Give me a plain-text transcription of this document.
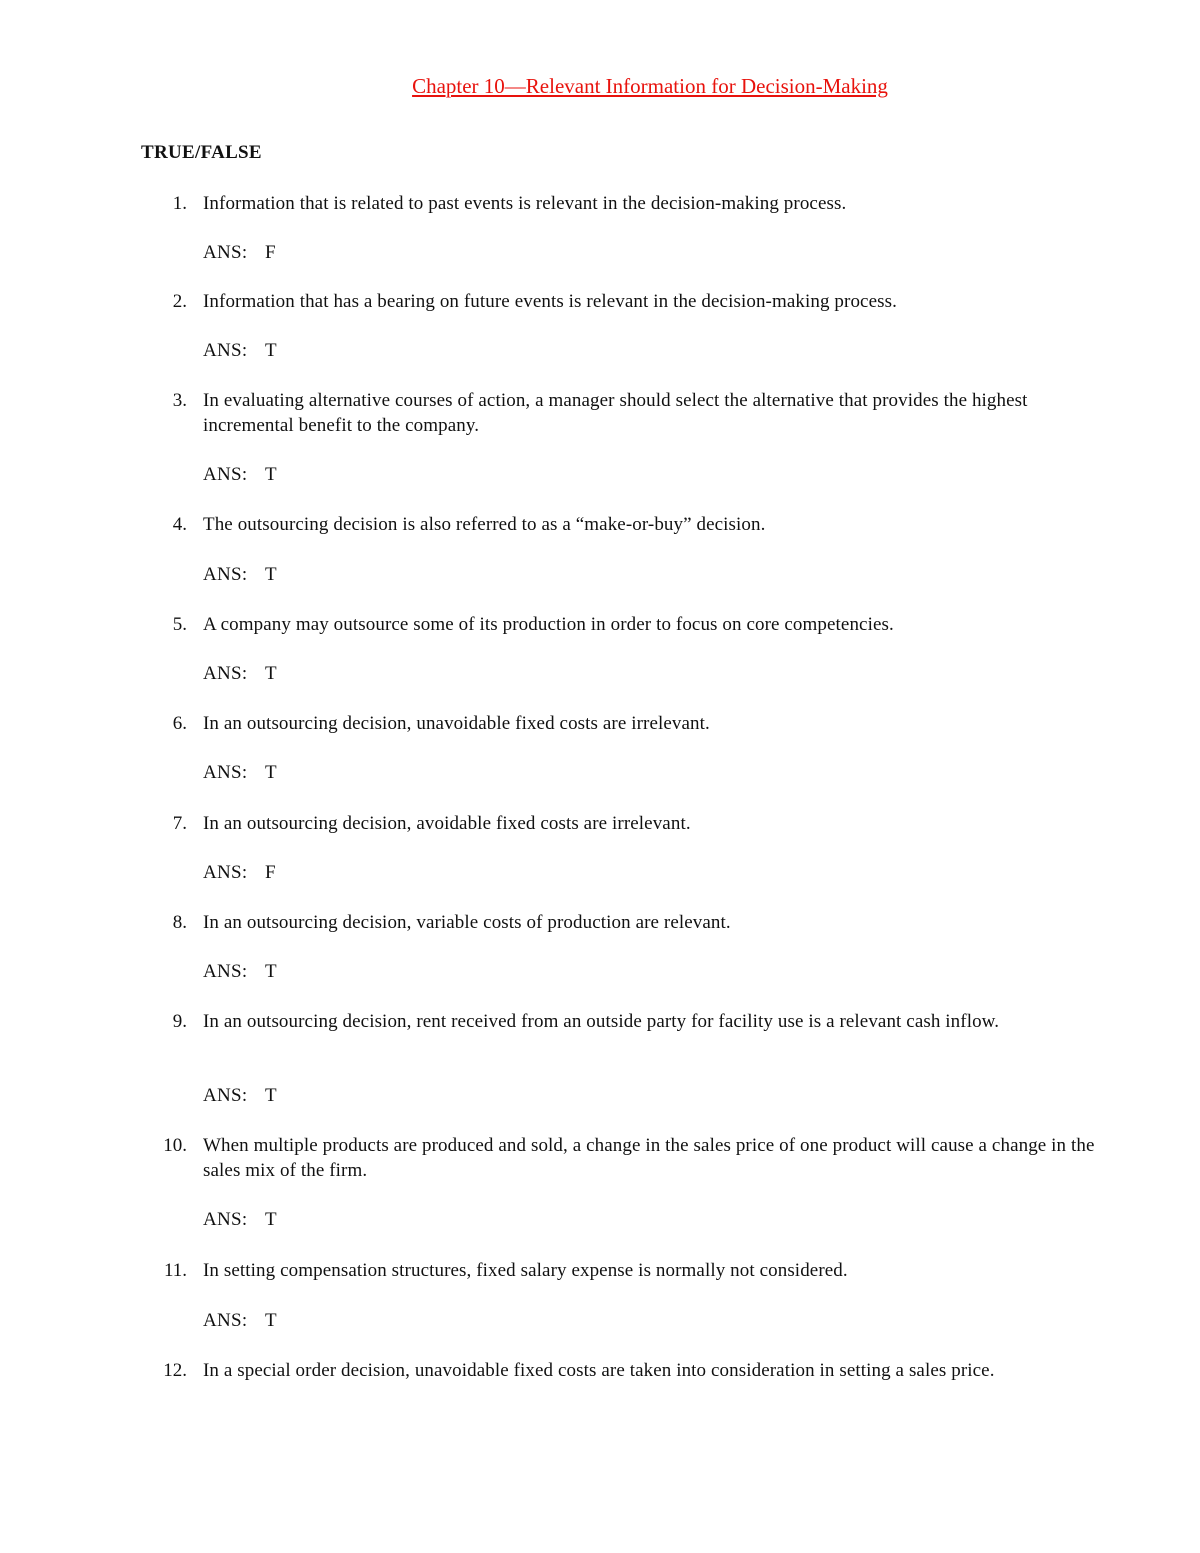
Chapter 10—Relevant Information for Decision-Making
TRUE/FALSE
1. Information that is related to past events is relevant in the decision-making process.
ANS: F
2. Information that has a bearing on future events is relevant in the decision-making process.
ANS: T
3. In evaluating alternative courses of action, a manager should select the alternative that provides the highest incremental benefit to the company.
ANS: T
4. The outsourcing decision is also referred to as a “make-or-buy” decision.
ANS: T
5. A company may outsource some of its production in order to focus on core competencies.
ANS: T
6. In an outsourcing decision, unavoidable fixed costs are irrelevant.
ANS: T
7. In an outsourcing decision, avoidable fixed costs are irrelevant.
ANS: F
8. In an outsourcing decision, variable costs of production are relevant.
ANS: T
9. In an outsourcing decision, rent received from an outside party for facility use is a relevant cash inflow.
ANS: T
10. When multiple products are produced and sold, a change in the sales price of one product will cause a change in the sales mix of the firm.
ANS: T
11. In setting compensation structures, fixed salary expense is normally not considered.
ANS: T
12. In a special order decision, unavoidable fixed costs are taken into consideration in setting a sales price.
